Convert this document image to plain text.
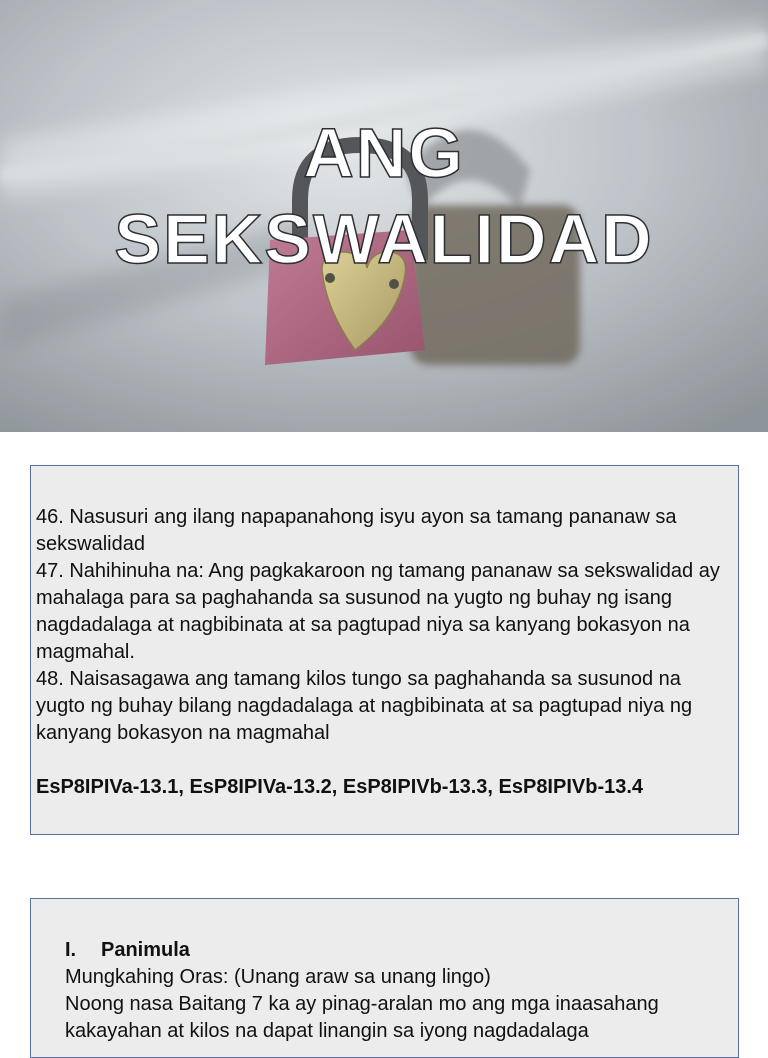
ANG
SEKSWALIDAD

46. Nasusuri ang ilang napapanahong isyu ayon sa tamang pananaw sa sekswalidad

47. Nahihinuha na: Ang pagkakaroon ng tamang pananaw sa sekswalidad ay mahalaga para sa paghahanda sa susunod na yugto ng buhay ng isang nagdadalaga at nagbibinata at sa pagtupad niya sa kanyang bokasyon na magmahal.

48. Naisasagawa ang tamang kilos tungo sa paghahanda sa susunod na yugto ng buhay bilang nagdadalaga at nagbibinata at sa pagtupad niya ng kanyang bokasyon na magmahal

EsP8IPIVa-13.1, EsP8IPIVa-13.2, EsP8IPIVb-13.3, EsP8IPIVb-13.4

I.	Panimula

Mungkahing Oras: (Unang araw sa unang lingo)

Noong nasa Baitang 7 ka ay pinag-aralan mo ang mga inaasahang

kakayahan at kilos na dapat linangin sa iyong nagdadalaga
